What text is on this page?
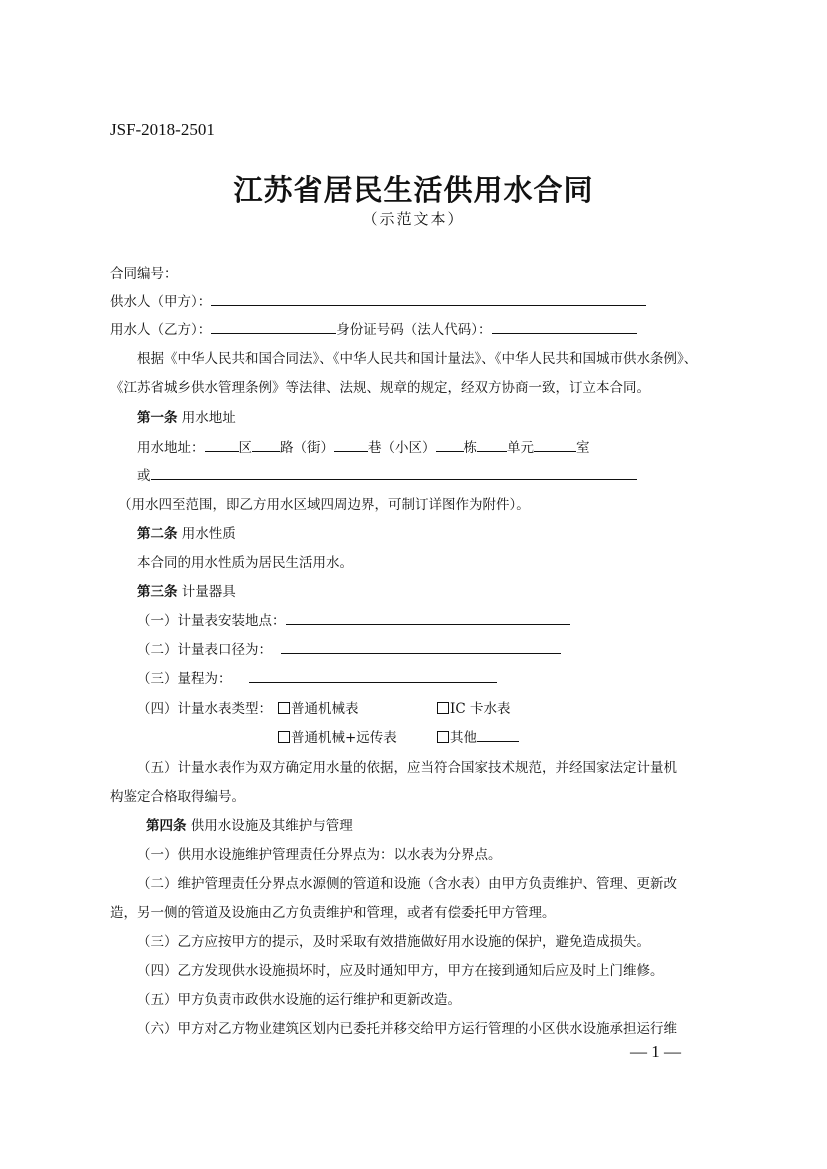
JSF-2018-2501
江苏省居民生活供用水合同
（示范文本）
合同编号：
供水人（甲方）：
用水人（乙方）：	身份证号码（法人代码）：
根据《中华人民共和国合同法》、《中华人民共和国计量法》、《中华人民共和国城市供水条例》、
《江苏省城乡供水管理条例》等法律、法规、规章的规定，经双方协商一致，订立本合同。
第一条 用水地址
用水地址：	区 路（街）	巷（小区） 栋 单元	室
或
（用水四至范围，即乙方用水区域四周边界，可制订详图作为附件）。
第二条 用水性质
本合同的用水性质为居民生活用水。
第三条 计量器具
（一）计量表安装地点：
（二）计量表口径为：
（三）量程为：
（四）计量水表类型：	普通机械表	IC 卡水表
普通机械+远传表	其他
（五）计量水表作为双方确定用水量的依据，应当符合国家技术规范，并经国家法定计量机
构鉴定合格取得编号。
第四条 供用水设施及其维护与管理
（一）供用水设施维护管理责任分界点为：以水表为分界点。
（二）维护管理责任分界点水源侧的管道和设施（含水表）由甲方负责维护、管理、更新改
造，另一侧的管道及设施由乙方负责维护和管理，或者有偿委托甲方管理。
（三）乙方应按甲方的提示，及时采取有效措施做好用水设施的保护，避免造成损失。
（四）乙方发现供水设施损坏时，应及时通知甲方，甲方在接到通知后应及时上门维修。
（五）甲方负责市政供水设施的运行维护和更新改造。
（六）甲方对乙方物业建筑区划内已委托并移交给甲方运行管理的小区供水设施承担运行维
— 1 —
